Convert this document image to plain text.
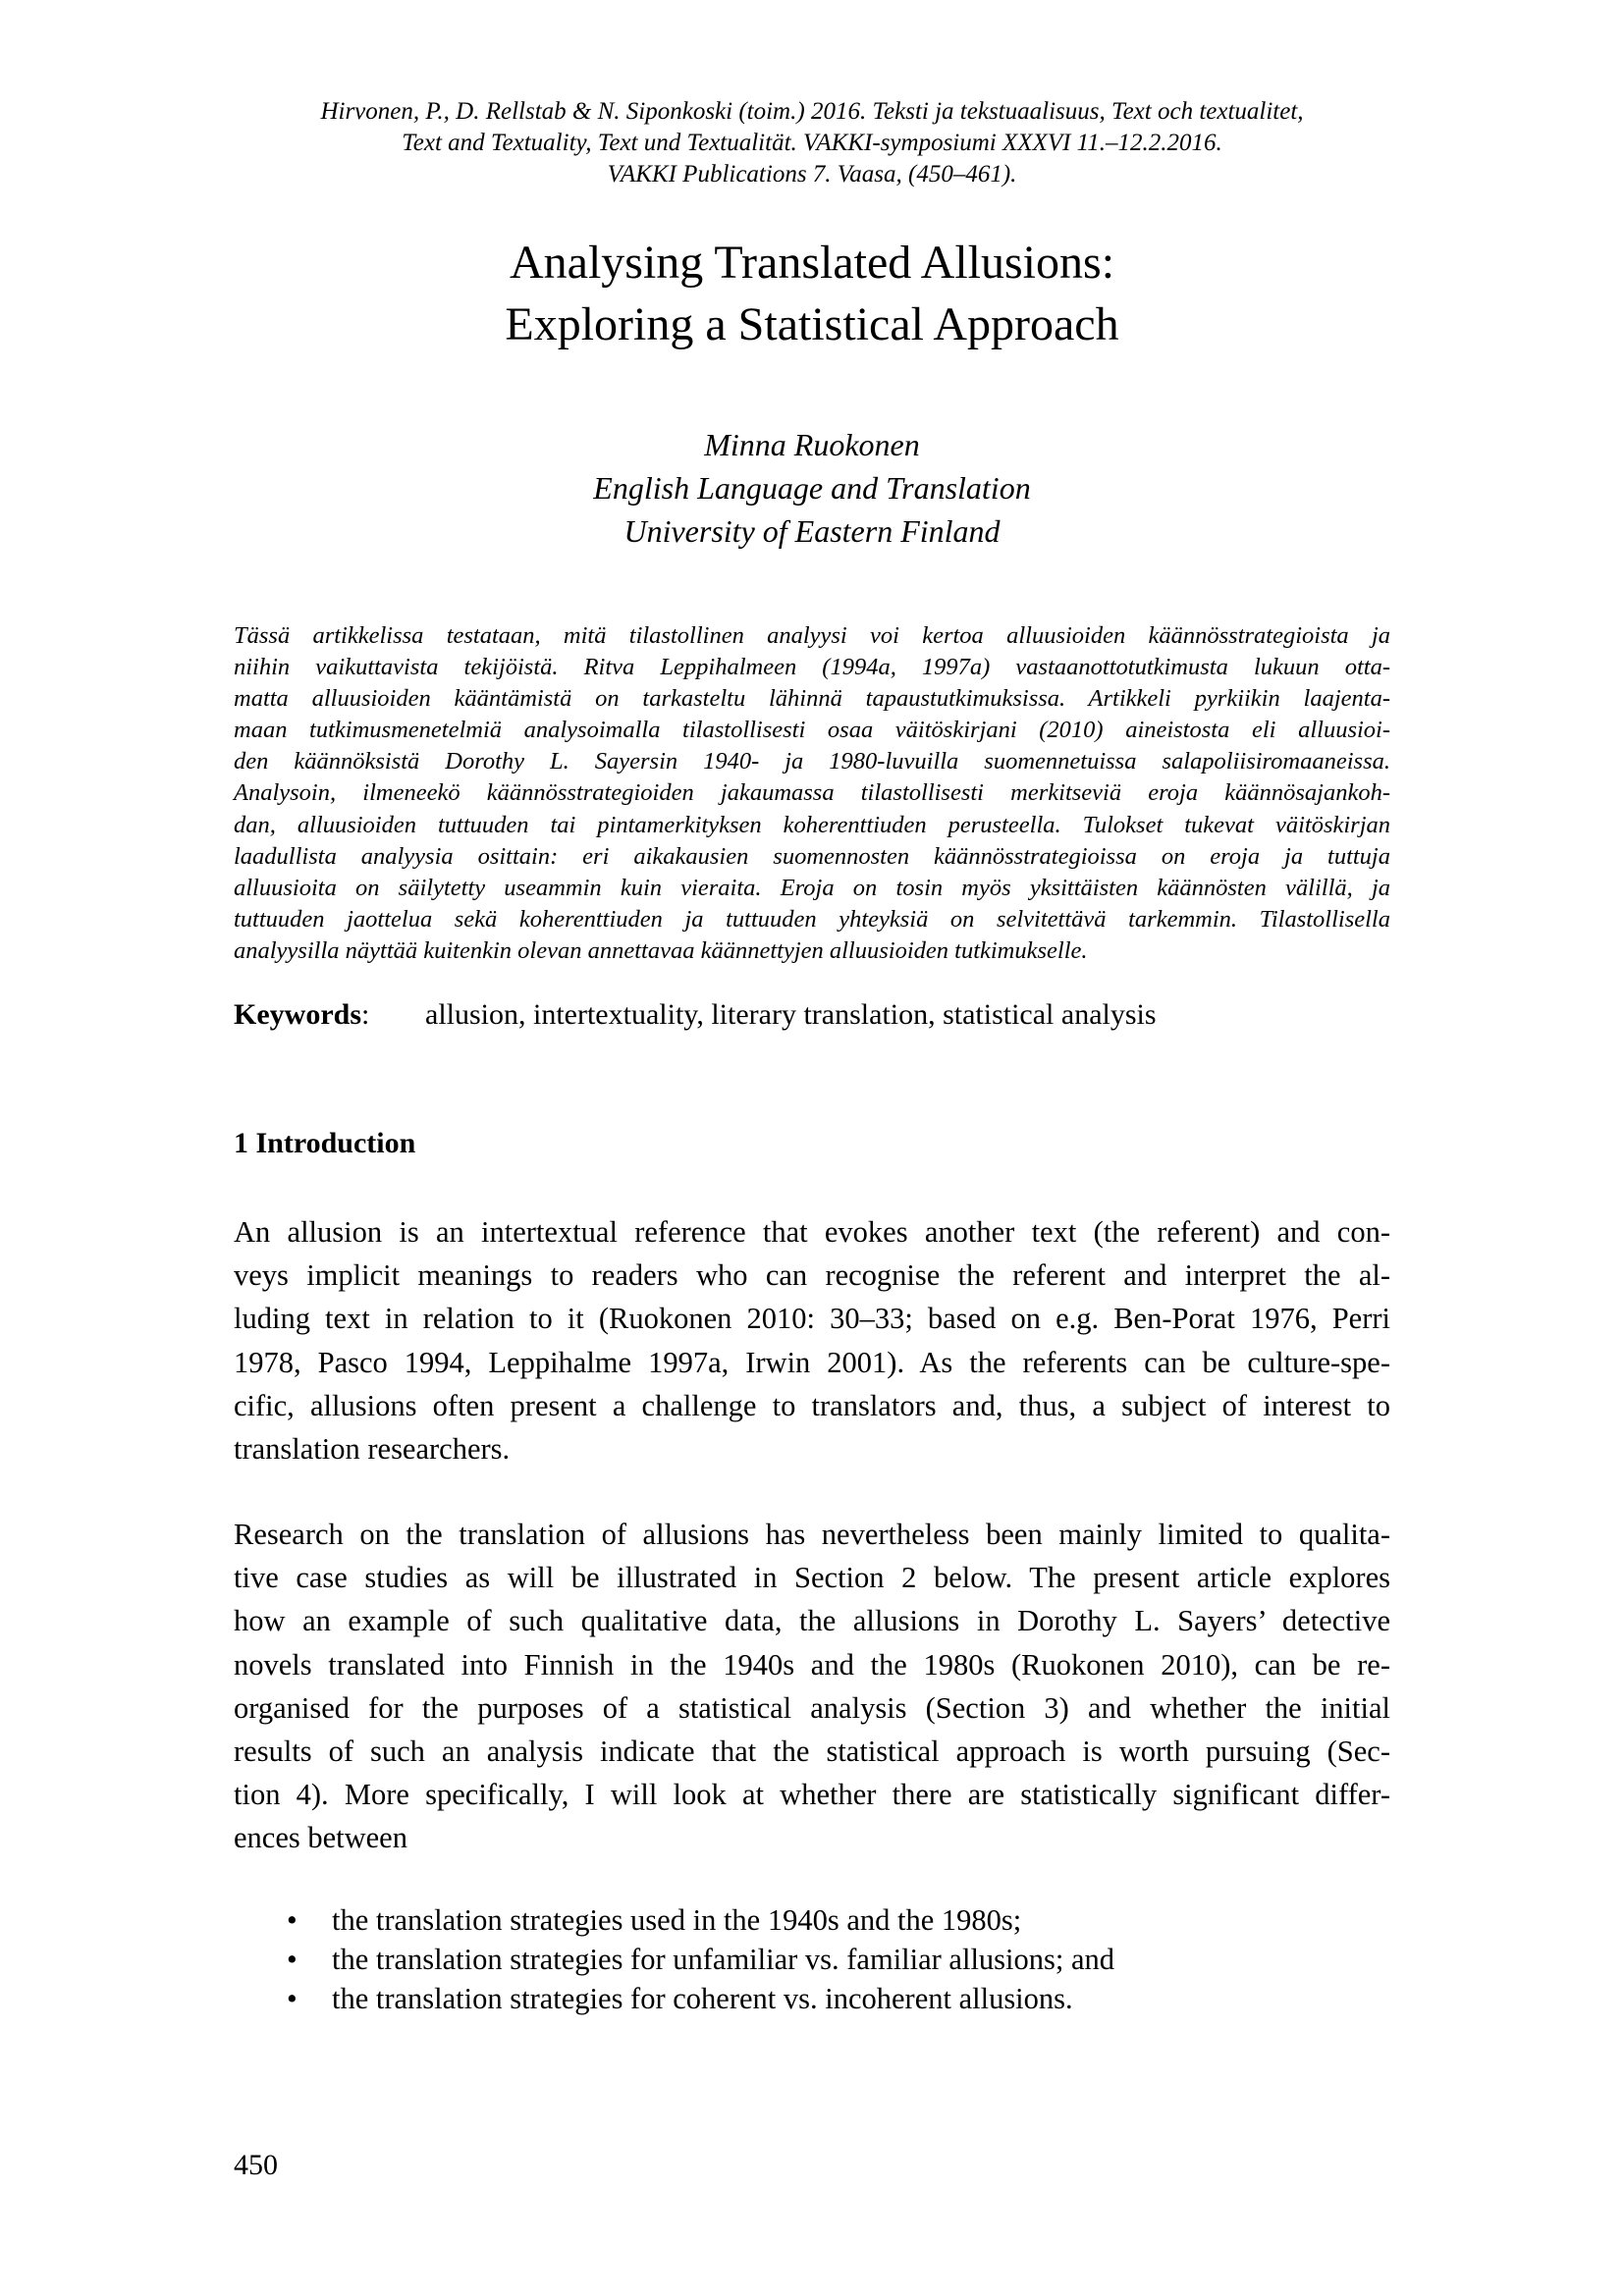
Hirvonen, P., D. Rellstab & N. Siponkoski (toim.) 2016. Teksti ja tekstuaalisuus, Text och textualitet,
Text and Textuality, Text und Textualität. VAKKI-symposiumi XXXVI 11.–12.2.2016.
VAKKI Publications 7. Vaasa, (450–461).
Analysing Translated Allusions:
Exploring a Statistical Approach
Minna Ruokonen
English Language and Translation
University of Eastern Finland
Tässä artikkelissa testataan, mitä tilastollinen analyysi voi kertoa alluusioiden käännösstrategioista ja
niihin vaikuttavista tekijöistä. Ritva Leppihalmeen (1994a, 1997a) vastaanottotutkimusta lukuun otta-
matta alluusioiden kääntämistä on tarkasteltu lähinnä tapaustutkimuksissa. Artikkeli pyrkiikin laajenta-
maan tutkimusmenetelmiä analysoimalla tilastollisesti osaa väitöskirjani (2010) aineistosta eli alluusioi-
den käännöksistä Dorothy L. Sayersin 1940- ja 1980-luvuilla suomennetuissa salapoliisiromaaneissa.
Analysoin, ilmeneekö käännösstrategioiden jakaumassa tilastollisesti merkitseviä eroja käännösajankoh-
dan, alluusioiden tuttuuden tai pintamerkityksen koherenttiuden perusteella. Tulokset tukevat väitöskirjan
laadullista analyysia osittain: eri aikakausien suomennosten käännösstrategioissa on eroja ja tuttuja
alluusioita on säilytetty useammin kuin vieraita. Eroja on tosin myös yksittäisten käännösten välillä, ja
tuttuuden jaottelua sekä koherenttiuden ja tuttuuden yhteyksiä on selvitettävä tarkemmin. Tilastollisella
analyysilla näyttää kuitenkin olevan annettavaa käännettyjen alluusioiden tutkimukselle.
Keywords: allusion, intertextuality, literary translation, statistical analysis
1 Introduction
An allusion is an intertextual reference that evokes another text (the referent) and con-
veys implicit meanings to readers who can recognise the referent and interpret the al-
luding text in relation to it (Ruokonen 2010: 30–33; based on e.g. Ben-Porat 1976, Perri
1978, Pasco 1994, Leppihalme 1997a, Irwin 2001). As the referents can be culture-spe-
cific, allusions often present a challenge to translators and, thus, a subject of interest to
translation researchers.
Research on the translation of allusions has nevertheless been mainly limited to qualita-
tive case studies as will be illustrated in Section 2 below. The present article explores
how an example of such qualitative data, the allusions in Dorothy L. Sayers’ detective
novels translated into Finnish in the 1940s and the 1980s (Ruokonen 2010), can be re-
organised for the purposes of a statistical analysis (Section 3) and whether the initial
results of such an analysis indicate that the statistical approach is worth pursuing (Sec-
tion 4). More specifically, I will look at whether there are statistically significant differ-
ences between
• the translation strategies used in the 1940s and the 1980s;
• the translation strategies for unfamiliar vs. familiar allusions; and
• the translation strategies for coherent vs. incoherent allusions.
450
